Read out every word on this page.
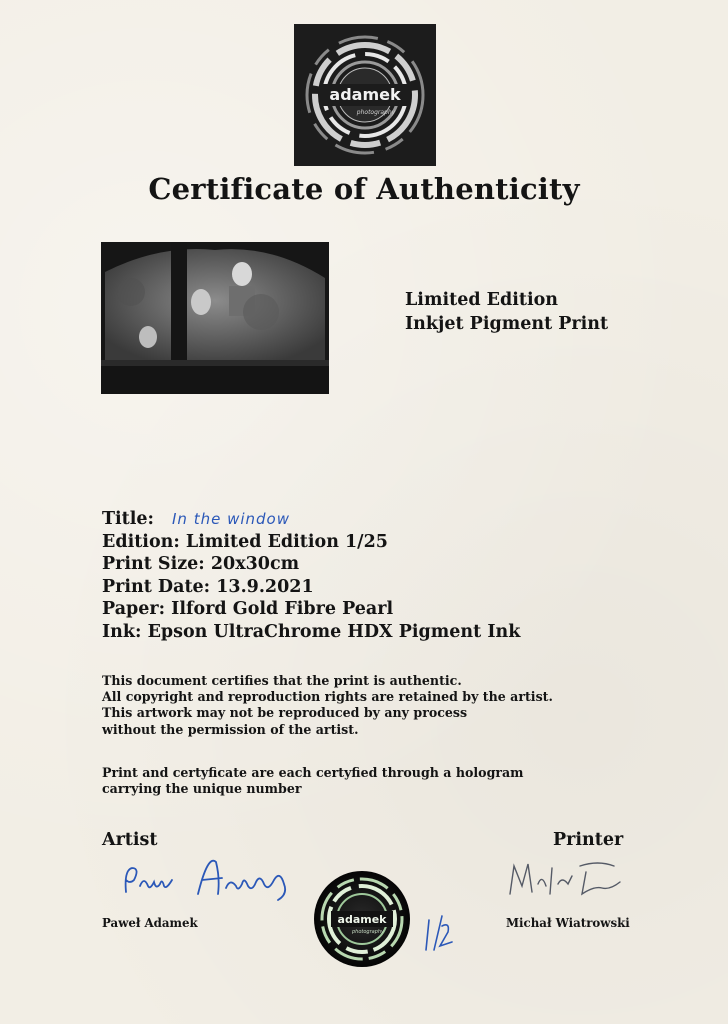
adamek
photography
Certificate of Authenticity
Limited Edition
Inkjet Pigment Print
Title: In the window
Edition: Limited Edition 1/25
Print Size: 20x30cm
Print Date: 13.9.2021
Paper: Ilford Gold Fibre Pearl
Ink: Epson UltraChrome HDX Pigment Ink
This document certifies that the print is authentic.
All copyright and reproduction rights are retained by the artist.
This artwork may not be reproduced by any process
without the permission of the artist.
Print and certyficate are each certyfied through a hologram
carrying the unique number
Artist	Printer
Paweł Adamek	Michał Wiatrowski
adamek
photography
